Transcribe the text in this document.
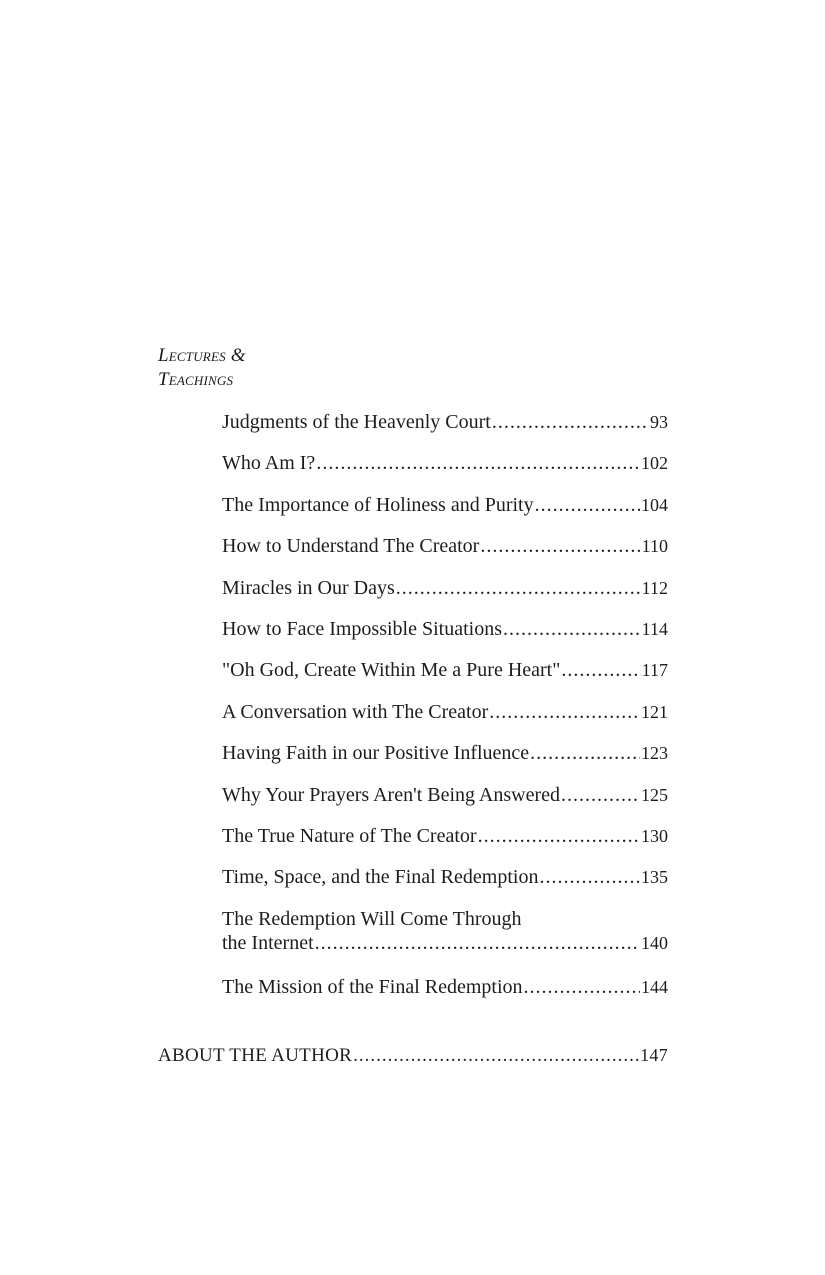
Lectures &
Teachings
Judgments of the Heavenly Court .....	93
Who Am I? .....	102
The Importance of Holiness and Purity .....	104
How to Understand The Creator .....	110
Miracles in Our Days .....	112
How to Face Impossible Situations .....	114
"Oh God, Create Within Me a Pure Heart" .....	117
A Conversation with The Creator .....	121
Having Faith in our Positive Influence .....	123
Why Your Prayers Aren't Being Answered .....	125
The True Nature of The Creator .....	130
Time, Space, and the Final Redemption .....	135
The Redemption Will Come Through
the Internet .....	140
The Mission of the Final Redemption .....	144
ABOUT THE AUTHOR .....	147
